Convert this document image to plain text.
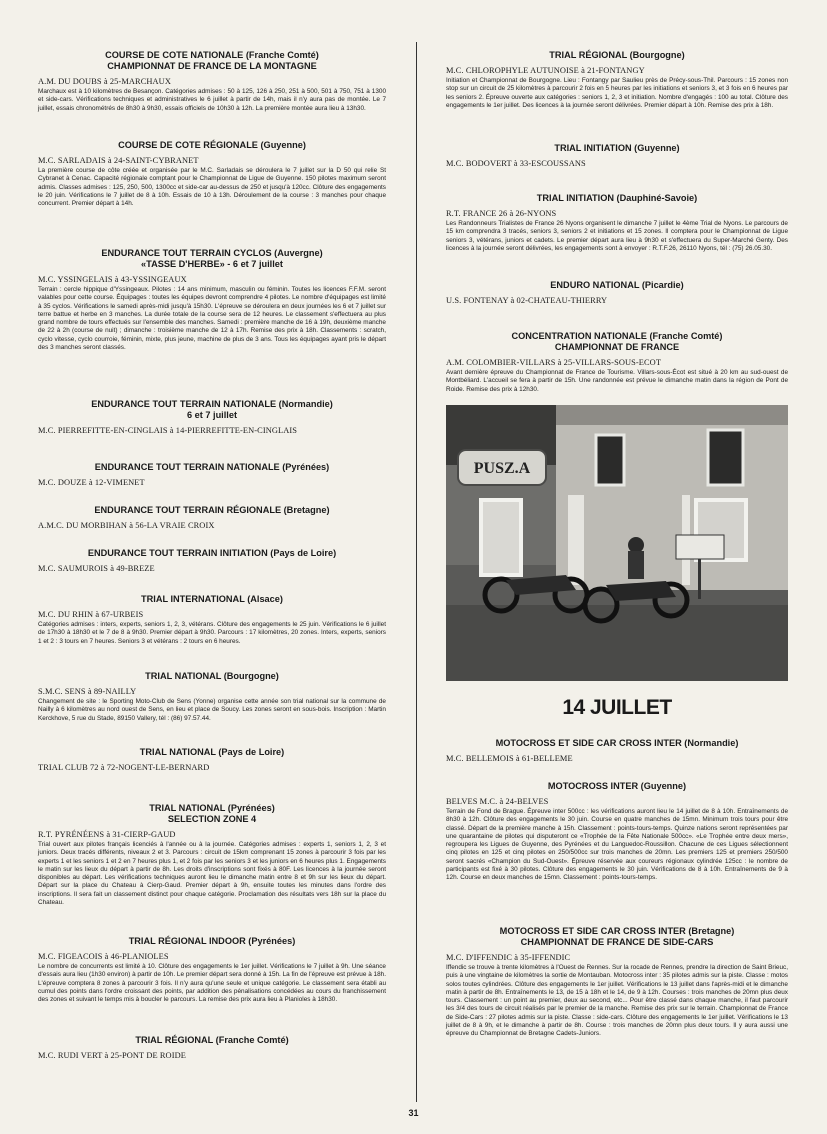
COURSE DE COTE NATIONALE (Franche Comté)
CHAMPIONNAT DE FRANCE DE LA MONTAGNE
A.M. DU DOUBS à 25-MARCHAUX

Marchaux est à 10 kilomètres de Besançon. Catégories admises : 50 à 125, 126 à 250, 251 à 500, 501 à 750, 751 à 1300 et side-cars. Vérifications techniques et administratives le 6 juillet à partir de 14h, mais il n'y aura pas de montée. Le 7 juillet, essais chronométrés de 8h30 à 9h30, essais officiels de 10h30 à 12h. La première montée aura lieu à 13h30.

COURSE DE COTE RÉGIONALE (Guyenne)
M.C. SARLADAIS à 24-SAINT-CYBRANET

La première course de côte créée et organisée par le M.C. Sarladais se déroulera le 7 juillet sur la D 50 qui relie St Cybranet à Cenac. Capacité régionale comptant pour le Championnat de Ligue de Guyenne. 150 pilotes maximum seront admis. Classes admises : 125, 250, 500, 1300cc et side-car au-dessus de 250 et jusqu'à 120cc. Clôture des engagements le 20 juin. Vérifications le 7 juillet de 8 à 10h. Essais de 10 à 13h. Déroulement de la course : 3 manches pour chaque concurrent. Premier départ à 14h.

ENDURANCE TOUT TERRAIN CYCLOS (Auvergne)
«TASSE D'HERBE» - 6 et 7 juillet
M.C. YSSINGELAIS à 43-YSSINGEAUX

Terrain : cercle hippique d'Yssingeaux. Pilotes : 14 ans minimum, masculin ou féminin. Toutes les licences F.F.M. seront valables pour cette course. Équipages : toutes les équipes devront comprendre 4 pilotes. Le nombre d'équipages est limité à 35 cyclos. Vérifications le samedi après-midi jusqu'à 15h30. L'épreuve se déroulera en deux journées les 6 et 7 juillet sur terre battue et herbe en 3 manches. La durée totale de la course sera de 12 heures. Le classement s'effectuera au plus grand nombre de tours effectués sur l'ensemble des manches. Samedi : première manche de 16 à 19h, deuxième manche de 22 à 2h (course de nuit) ; dimanche : troisième manche de 12 à 17h. Remise des prix à 18h. Classements : scratch, cyclo vitesse, cyclo courroie, féminin, mixte, plus jeune, machine de plus de 3 ans. Tous les équipages ayant pris le départ des 3 manches seront classés.

ENDURANCE TOUT TERRAIN NATIONALE (Normandie)
6 et 7 juillet
M.C. PIERREFITTE-EN-CINGLAIS à 14-PIERREFITTE-EN-CINGLAIS
ENDURANCE TOUT TERRAIN NATIONALE (Pyrénées)
M.C. DOUZE à 12-VIMENET
ENDURANCE TOUT TERRAIN RÉGIONALE (Bretagne)
A.M.C. DU MORBIHAN à 56-LA VRAIE CROIX
ENDURANCE TOUT TERRAIN INITIATION (Pays de Loire)
M.C. SAUMUROIS à 49-BREZE
TRIAL INTERNATIONAL (Alsace)
M.C. DU RHIN à 67-URBEIS

Catégories admises : inters, experts, seniors 1, 2, 3, vétérans. Clôture des engagements le 25 juin. Vérifications le 6 juillet de 17h30 à 18h30 et le 7 de 8 à 9h30. Premier départ à 9h30. Parcours : 17 kilomètres, 20 zones. Inters, experts, seniors 1 et 2 : 3 tours en 7 heures. Seniors 3 et vétérans : 2 tours en 6 heures.

TRIAL NATIONAL (Bourgogne)
S.M.C. SENS à 89-NAILLY

Changement de site : le Sporting Moto-Club de Sens (Yonne) organise cette année son trial national sur la commune de Nailly à 6 kilomètres au nord ouest de Sens, en lieu et place de Soucy. Les zones seront en sous-bois. Inscription : Martin Kerckhove, 5 rue du Stade, 89150 Vallery, tél : (86) 97.57.44.

TRIAL NATIONAL (Pays de Loire)
TRIAL CLUB 72 à 72-NOGENT-LE-BERNARD
TRIAL NATIONAL (Pyrénées)
SELECTION ZONE 4
R.T. PYRÉNÉENS à 31-CIERP-GAUD

Trial ouvert aux pilotes français licenciés à l'année ou à la journée. Catégories admises : experts 1, seniors 1, 2, 3 et juniors. Deux tracés différents, niveaux 2 et 3. Parcours : circuit de 15km comprenant 15 zones à parcourir 3 fois par les experts 1 et les seniors 1 et 2 en 7 heures plus 1, et 2 fois par les seniors 3 et les juniors en 6 heures plus 1. Engagements le matin sur les lieux du départ à partir de 8h. Les droits d'inscriptions sont fixés à 80F. Les licences à la journée seront disponibles au départ. Les vérifications techniques auront lieu le dimanche matin entre 8 et 9h sur les lieux du départ. Départ sur la place du Chateau à Cierp-Gaud. Premier départ à 9h, ensuite toutes les minutes dans l'ordre des inscriptions. Il sera fait un classement distinct pour chaque catégorie. Proclamation des résultats vers 18h sur la place du Chateau.

TRIAL RÉGIONAL INDOOR (Pyrénées)
M.C. FIGEACOIS à 46-PLANIOLES

Le nombre de concurrents est limité à 10. Clôture des engagements le 1er juillet. Vérifications le 7 juillet à 9h. Une séance d'essais aura lieu (1h30 environ) à partir de 10h. Le premier départ sera donné à 15h. La fin de l'épreuve est prévue à 18h. L'épreuve comptera 8 zones à parcourir 3 fois. Il n'y aura qu'une seule et unique catégorie. Le classement sera établi au cumul des points dans l'ordre croissant des points, par addition des pénalisations concédées au cours du franchissement des zones et suivant le temps mis à boucler le parcours. La remise des prix aura lieu à Planioles à 18h30.

TRIAL RÉGIONAL (Franche Comté)
M.C. RUDI VERT à 25-PONT DE ROIDE
TRIAL RÉGIONAL (Bourgogne)
M.C. CHLOROPHYLE AUTUNOISE à 21-FONTANGY

Initiation et Championnat de Bourgogne. Lieu : Fontangy par Saulieu près de Précy-sous-Thil. Parcours : 15 zones non stop sur un circuit de 25 kilomètres à parcourir 2 fois en 5 heures par les initiations et seniors 3, et 3 fois en 6 heures par les seniors 2. Épreuve ouverte aux catégories : seniors 1, 2, 3 et initiation. Nombre d'engagés : 100 au total. Clôture des engagements le 1er juillet. Des licences à la journée seront délivrées. Premier départ à 10h. Remise des prix à 18h.

TRIAL INITIATION (Guyenne)
M.C. BODOVERT à 33-ESCOUSSANS
TRIAL INITIATION (Dauphiné-Savoie)
R.T. FRANCE 26 à 26-NYONS

Les Randonneurs Trialistes de France 26 Nyons organisent le dimanche 7 juillet le 4ème Trial de Nyons. Le parcours de 15 km comprendra 3 tracés, seniors 3, seniors 2 et initiations et 15 zones. Il comptera pour le Championnat de Ligue seniors 3, vétérans, juniors et cadets. Le premier départ aura lieu à 9h30 et s'effectuera du Super-Marché Genty. Des licences à la journée seront délivrées, les engagements sont à envoyer : R.T.F.26, 26110 Nyons, tél : (75) 26.05.30.

ENDURO NATIONAL (Picardie)
U.S. FONTENAY à 02-CHATEAU-THIERRY
CONCENTRATION NATIONALE (Franche Comté)
CHAMPIONNAT DE FRANCE
A.M. COLOMBIER-VILLARS à 25-VILLARS-SOUS-ECOT

Avant dernière épreuve du Championnat de France de Tourisme. Villars-sous-Écot est situé à 20 km au sud-ouest de Montbéliard. L'accueil se fera à partir de 15h. Une randonnée est prévue le dimanche matin dans la région de Pont de Roide. Remise des prix à 12h30.

PUSZ.A
14 JUILLET
MOTOCROSS ET SIDE CAR CROSS INTER (Normandie)
M.C. BELLEMOIS à 61-BELLEME
MOTOCROSS INTER (Guyenne)
BELVES M.C. à 24-BELVES

Terrain de Fond de Brague. Épreuve inter 500cc : les vérifications auront lieu le 14 juillet de 8 à 10h. Entraînements de 8h30 à 12h. Clôture des engagements le 30 juin. Course en quatre manches de 15mn. Minimum trois tours pour être classé. Départ de la première manche à 15h. Classement : points-tours-temps. Quinze nations seront représentées par une quarantaine de pilotes qui disputeront ce «Trophée de la Fête Nationale 500cc». «Le Trophée entre deux mers», regroupera les Ligues de Guyenne, des Pyrénées et du Languedoc-Roussillon. Chacune de ces Ligues sélectionnent cinq pilotes en 125 et cinq pilotes en 250/500cc sur trois manches de 20mn. Les premiers 125 et premiers 250/500 seront sacrés «Champion du Sud-Ouest». Épreuve réservée aux coureurs régionaux cylindrée 125cc : le nombre de participants est fixé à 30 pilotes. Clôture des engagements le 30 juin. Vérifications de 8 à 10h. Entraînements de 9 à 12h. Course en deux manches de 15mn. Classement : points-tours-temps.

MOTOCROSS ET SIDE CAR CROSS INTER (Bretagne)
CHAMPIONNAT DE FRANCE DE SIDE-CARS
M.C. D'IFFENDIC à 35-IFFENDIC

Iffendic se trouve à trente kilomètres à l'Ouest de Rennes. Sur la rocade de Rennes, prendre la direction de Saint Brieuc, puis à une vingtaine de kilomètres la sortie de Montauban. Motocross inter : 35 pilotes admis sur la piste. Classe : motos solos toutes cylindrées. Clôture des engagements le 1er juillet. Vérifications le 13 juillet dans l'après-midi et le dimanche matin à partir de 8h. Entraînements le 13, de 15 à 18h et le 14, de 9 à 12h. Courses : trois manches de 20mn plus deux tours. Classement : un point au premier, deux au second, etc... Pour être classé dans chaque manche, il faut parcourir les 3/4 des tours de circuit réalisés par le premier de la manche. Remise des prix sur le terrain. Championnat de France de Side-Cars : 27 pilotes admis sur la piste. Classe : side-cars. Clôture des engagements le 1er juillet. Vérifications le 13 juillet de 8 à 9h, et le dimanche à partir de 8h. Course : trois manches de 20mn plus deux tours. Il y aura aussi une épreuve du Championnat de Bretagne Cadets-Juniors.

31
